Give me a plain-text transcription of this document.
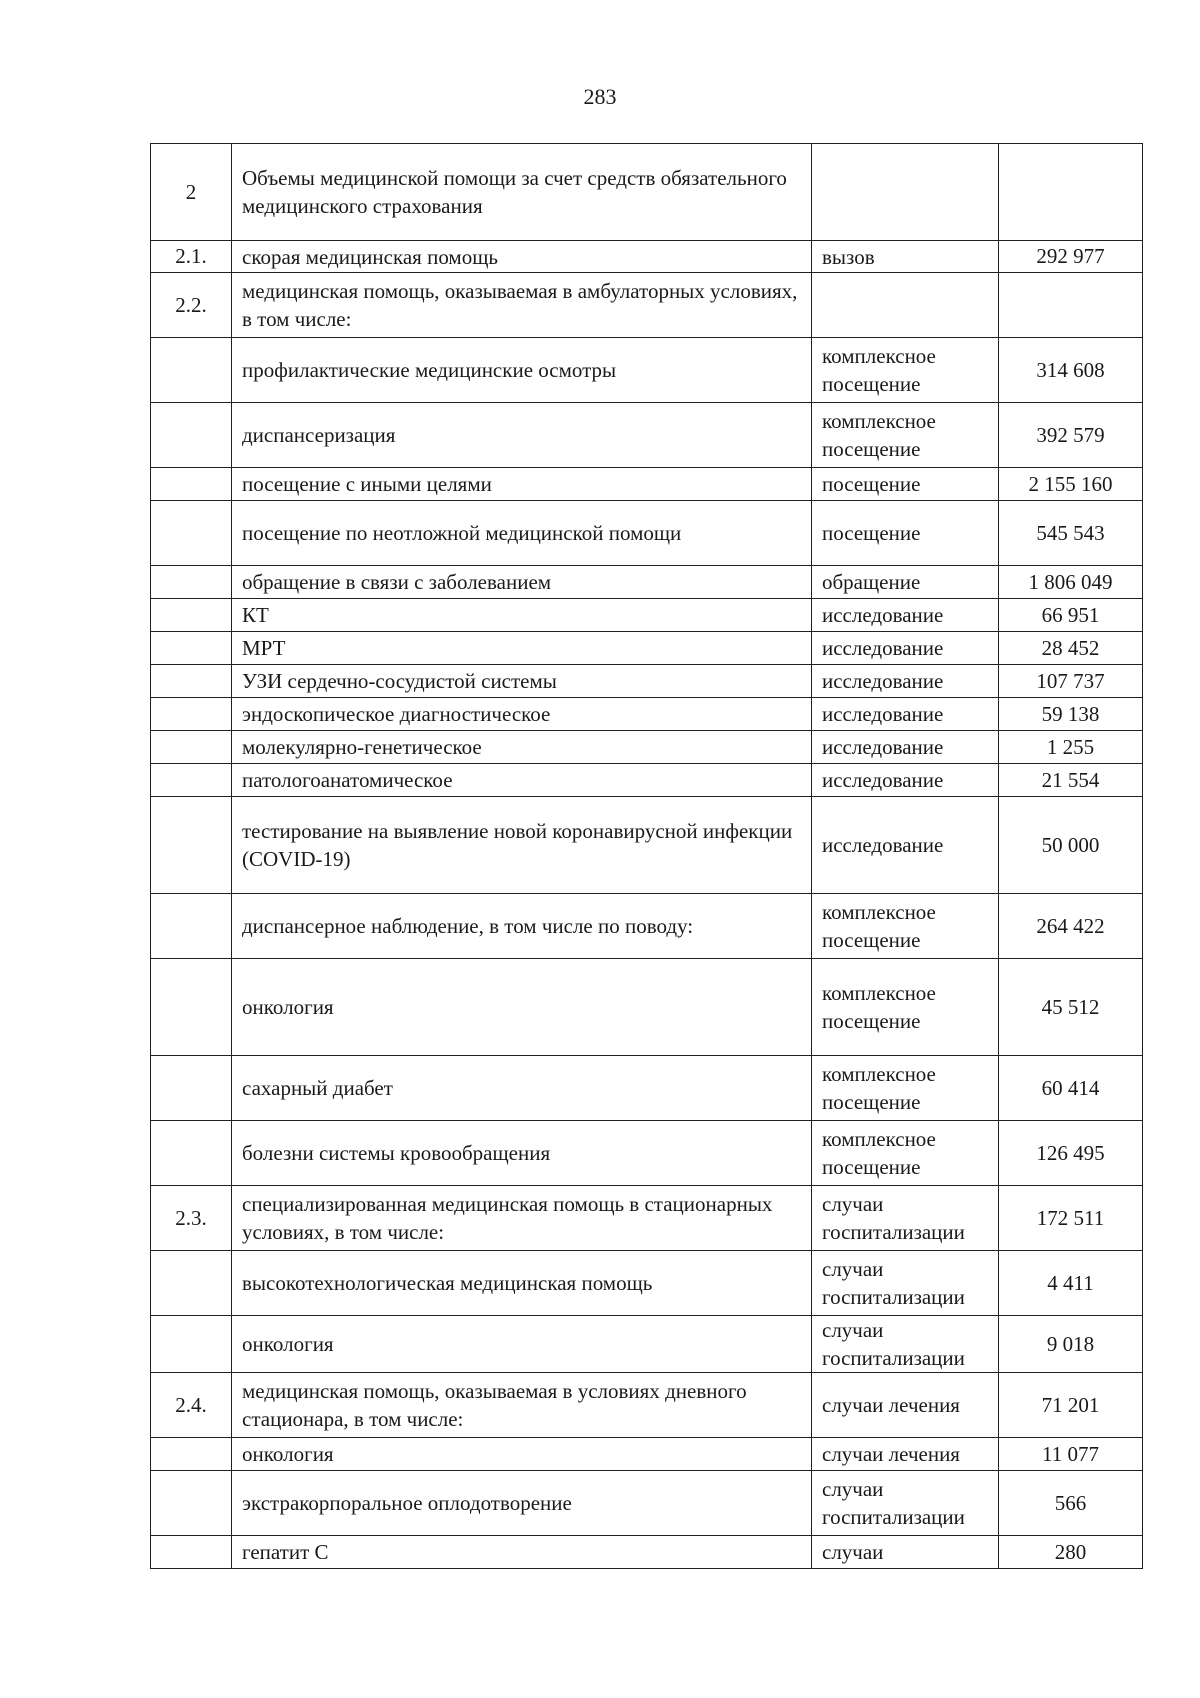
283
2	Объемы медицинской помощи за счет средств обязательного медицинского страхования		
2.1.	скорая медицинская помощь	вызов	292 977
2.2.	медицинская помощь, оказываемая в амбулаторных условиях, в том числе:		
	профилактические медицинские осмотры	комплексное посещение	314 608
	диспансеризация	комплексное посещение	392 579
	посещение с иными целями	посещение	2 155 160
	посещение по неотложной медицинской помощи	посещение	545 543
	обращение в связи с заболеванием	обращение	1 806 049
	КТ	исследование	66 951
	МРТ	исследование	28 452
	УЗИ сердечно-сосудистой системы	исследование	107 737
	эндоскопическое диагностическое	исследование	59 138
	молекулярно-генетическое	исследование	1 255
	патологоанатомическое	исследование	21 554
	тестирование на выявление новой коронавирусной инфекции (COVID-19)	исследование	50 000
	диспансерное наблюдение, в том числе по поводу:	комплексное посещение	264 422
	онкология	комплексное посещение	45 512
	сахарный диабет	комплексное посещение	60 414
	болезни системы кровообращения	комплексное посещение	126 495
2.3.	специализированная медицинская помощь в стационарных условиях, в том числе:	случаи госпитализации	172 511
	высокотехнологическая медицинская помощь	случаи госпитализации	4 411
	онкология	случаи госпитализации	9 018
2.4.	медицинская помощь, оказываемая в условиях дневного стационара, в том числе:	случаи лечения	71 201
	онкология	случаи лечения	11 077
	экстракорпоральное оплодотворение	случаи госпитализации	566
	гепатит С	случаи	280
